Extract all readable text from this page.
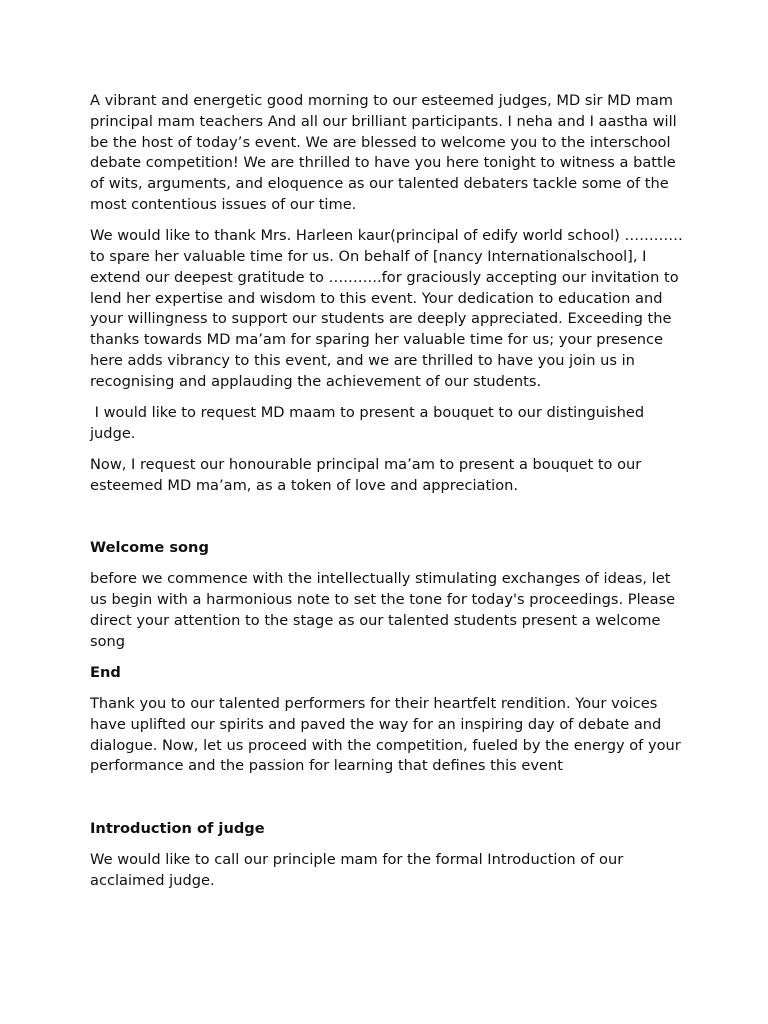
A vibrant and energetic good morning to our esteemed judges, MD sir MD mam principal mam teachers And all our brilliant participants. I neha and I aastha will be the host of today’s event. We are blessed to welcome you to the interschool debate competition! We are thrilled to have you here tonight to witness a battle of wits, arguments, and eloquence as our talented debaters tackle some of the most contentious issues of our time.

We would like to thank Mrs. Harleen kaur(principal of edify world school) ………… to spare her valuable time for us. On behalf of [nancy Internationalschool], I extend our deepest gratitude to ………..for graciously accepting our invitation to lend her expertise and wisdom to this event. Your dedication to education and your willingness to support our students are deeply appreciated. Exceeding the thanks towards MD ma’am for sparing her valuable time for us; your presence here adds vibrancy to this event, and we are thrilled to have you join us in recognising and applauding the achievement of our students.

I would like to request MD maam to present a bouquet to our distinguished judge.

Now, I request our honourable principal ma’am to present a bouquet to our esteemed MD ma’am, as a token of love and appreciation.

Welcome song

before we commence with the intellectually stimulating exchanges of ideas, let us begin with a harmonious note to set the tone for today's proceedings. Please direct your attention to the stage as our talented students present a welcome song

End

Thank you to our talented performers for their heartfelt rendition. Your voices have uplifted our spirits and paved the way for an inspiring day of debate and dialogue. Now, let us proceed with the competition, fueled by the energy of your performance and the passion for learning that defines this event

Introduction of judge

We would like to call our principle mam for the formal Introduction of our acclaimed judge.
